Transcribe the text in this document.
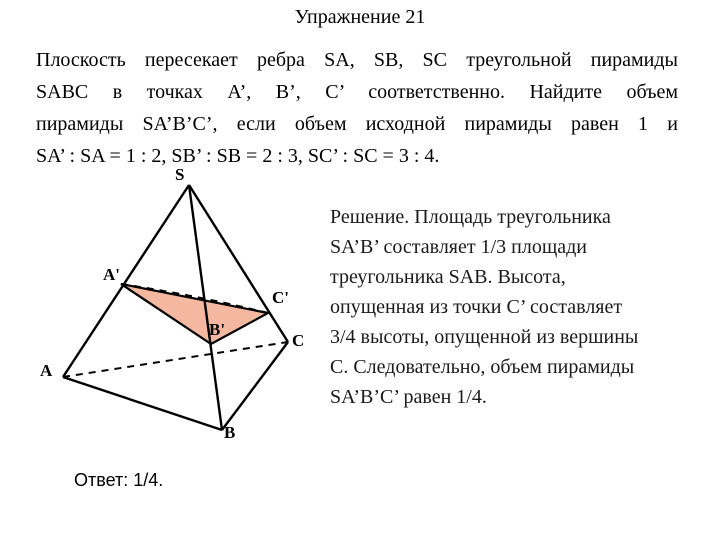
Упражнение 21
Плоскость пересекает ребра SA, SB, SC треугольной пирамиды
SABC в точках A’, B’, C’ соответственно. Найдите объем
пирамиды SA’B’C’, если объем исходной пирамиды равен 1 и
SA’ : SA = 1 : 2, SB’ : SB = 2 : 3, SC’ : SC = 3 : 4.
S
A
B
C
A'
B'
C'
Решение. Площадь треугольника
SA’B’ составляет 1/3 площади
треугольника SAB. Высота,
опущенная из точки C’ составляет
3/4 высоты, опущенной из вершины
C. Следовательно, объем пирамиды
SA’B’C’ равен 1/4.
Ответ: 1/4.
